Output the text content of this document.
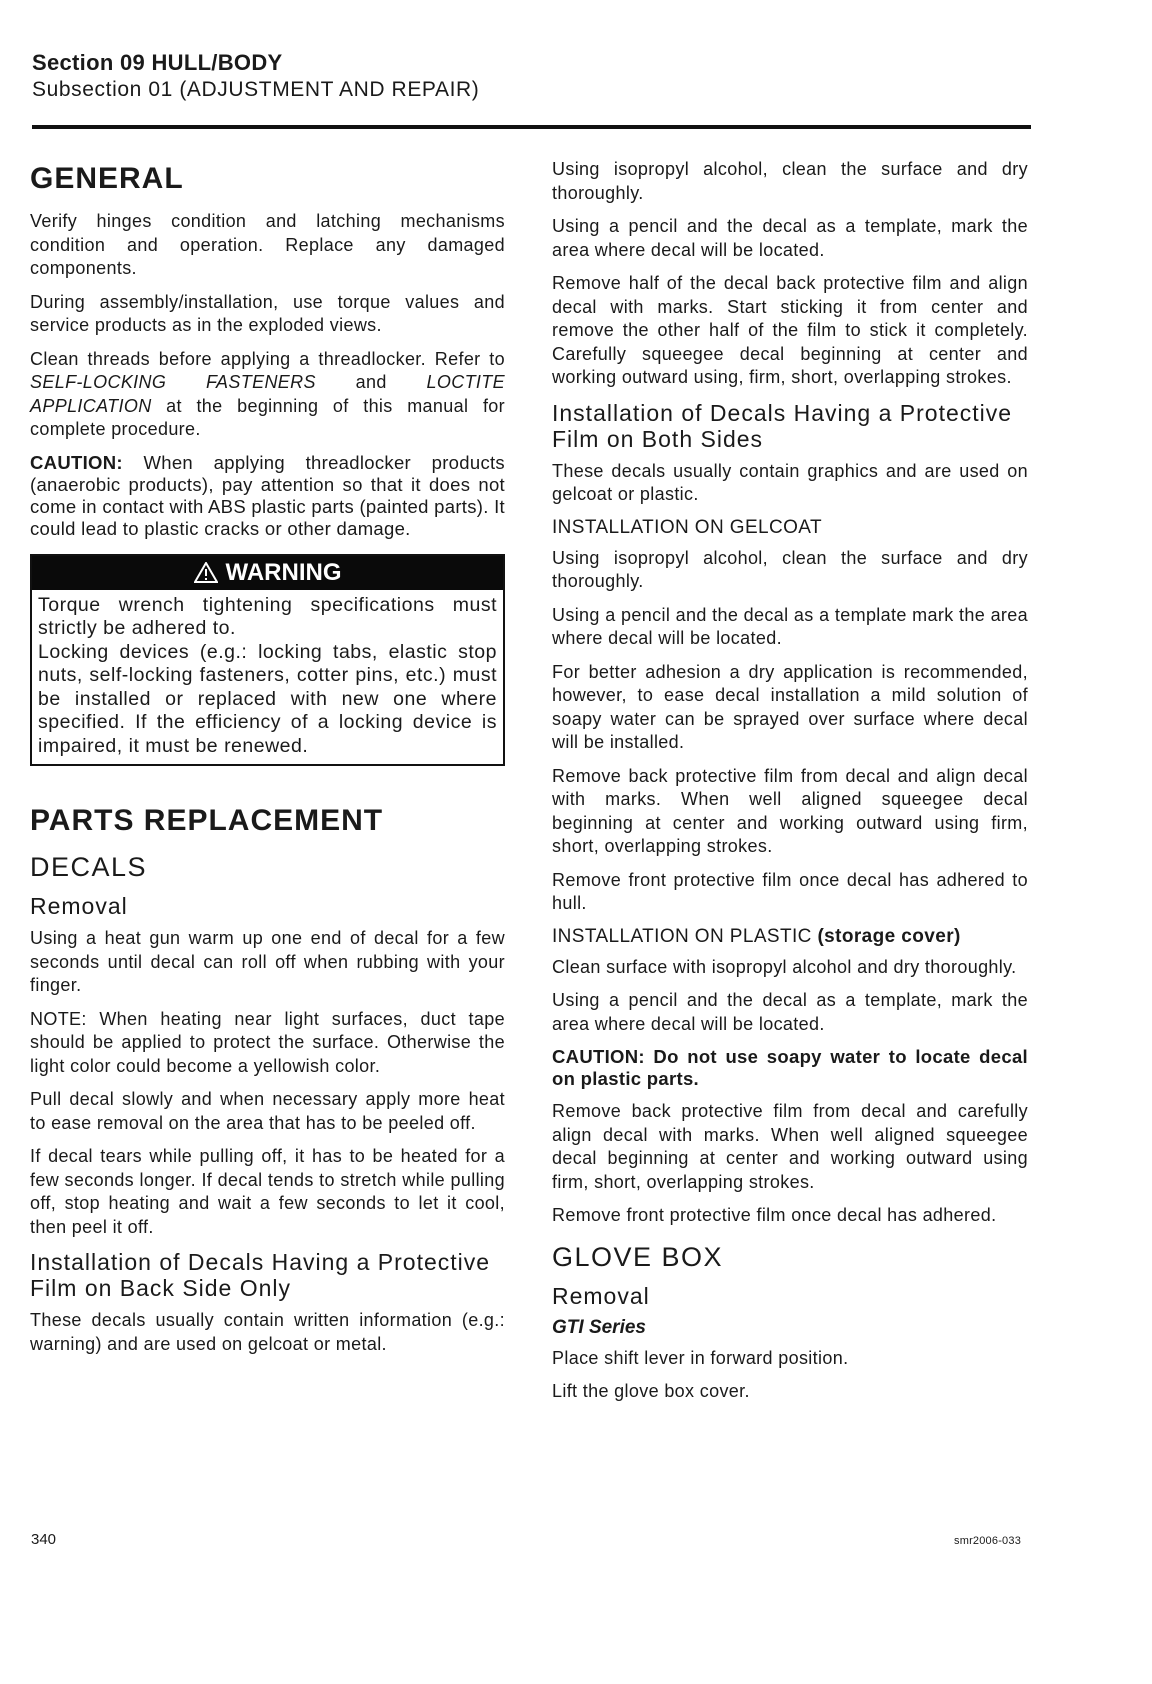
Section 09 HULL/BODY
Subsection 01 (ADJUSTMENT AND REPAIR)
GENERAL

Verify hinges condition and latching mechanisms condition and operation. Replace any damaged components.

During assembly/installation, use torque values and service products as in the exploded views.

Clean threads before applying a threadlocker. Refer to SELF-LOCKING FASTENERS and LOCTITE APPLICATION at the beginning of this manual for complete procedure.

CAUTION: When applying threadlocker products (anaerobic products), pay attention so that it does not come in contact with ABS plastic parts (painted parts). It could lead to plastic cracks or other damage.

WARNING
Torque wrench tightening specifications must strictly be adhered to.
Locking devices (e.g.: locking tabs, elastic stop nuts, self-locking fasteners, cotter pins, etc.) must be installed or replaced with new one where specified. If the efficiency of a locking device is impaired, it must be renewed.
PARTS REPLACEMENT
DECALS
Removal

Using a heat gun warm up one end of decal for a few seconds until decal can roll off when rubbing with your finger.

NOTE: When heating near light surfaces, duct tape should be applied to protect the surface. Otherwise the light color could become a yellowish color.

Pull decal slowly and when necessary apply more heat to ease removal on the area that has to be peeled off.

If decal tears while pulling off, it has to be heated for a few seconds longer. If decal tends to stretch while pulling off, stop heating and wait a few seconds to let it cool, then peel it off.

Installation of Decals Having a Protective Film on Back Side Only

These decals usually contain written information (e.g.: warning) and are used on gelcoat or metal.

Using isopropyl alcohol, clean the surface and dry thoroughly.

Using a pencil and the decal as a template, mark the area where decal will be located.

Remove half of the decal back protective film and align decal with marks. Start sticking it from center and remove the other half of the film to stick it completely. Carefully squeegee decal beginning at center and working outward using, firm, short, overlapping strokes.

Installation of Decals Having a Protective Film on Both Sides

These decals usually contain graphics and are used on gelcoat or plastic.

INSTALLATION ON GELCOAT

Using isopropyl alcohol, clean the surface and dry thoroughly.

Using a pencil and the decal as a template mark the area where decal will be located.

For better adhesion a dry application is recommended, however, to ease decal installation a mild solution of soapy water can be sprayed over surface where decal will be installed.

Remove back protective film from decal and align decal with marks. When well aligned squeegee decal beginning at center and working outward using firm, short, overlapping strokes.

Remove front protective film once decal has adhered to hull.

INSTALLATION ON PLASTIC (storage cover)

Clean surface with isopropyl alcohol and dry thoroughly.

Using a pencil and the decal as a template, mark the area where decal will be located.

CAUTION: Do not use soapy water to locate decal on plastic parts.

Remove back protective film from decal and carefully align decal with marks. When well aligned squeegee decal beginning at center and working outward using firm, short, overlapping strokes.

Remove front protective film once decal has adhered.

GLOVE BOX
Removal
GTI Series

Place shift lever in forward position.

Lift the glove box cover.

340	smr2006-033
